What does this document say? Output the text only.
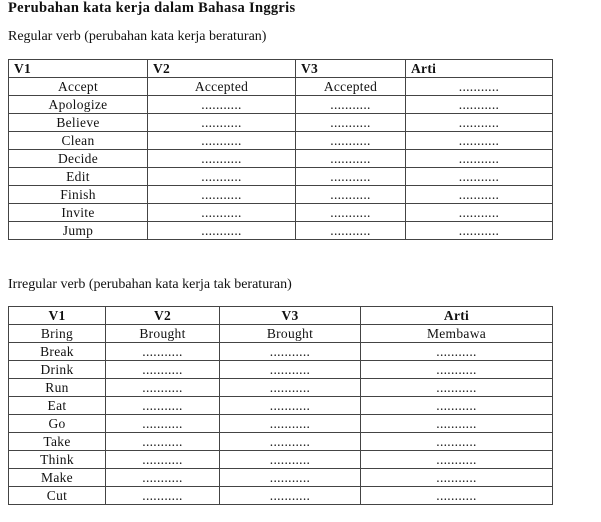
Perubahan kata kerja dalam Bahasa Inggris
Regular verb (perubahan kata kerja beraturan)
V1	V2	V3	Arti
Accept	Accepted	Accepted	...........
Apologize	...........	...........	...........
Believe	...........	...........	...........
Clean	...........	...........	...........
Decide	...........	...........	...........
Edit	...........	...........	...........
Finish	...........	...........	...........
Invite	...........	...........	...........
Jump	...........	...........	...........
Irregular verb (perubahan kata kerja tak beraturan)
V1	V2	V3	Arti
Bring	Brought	Brought	Membawa
Break	...........	...........	...........
Drink	...........	...........	...........
Run	...........	...........	...........
Eat	...........	...........	...........
Go	...........	...........	...........
Take	...........	...........	...........
Think	...........	...........	...........
Make	...........	...........	...........
Cut	...........	...........	...........
